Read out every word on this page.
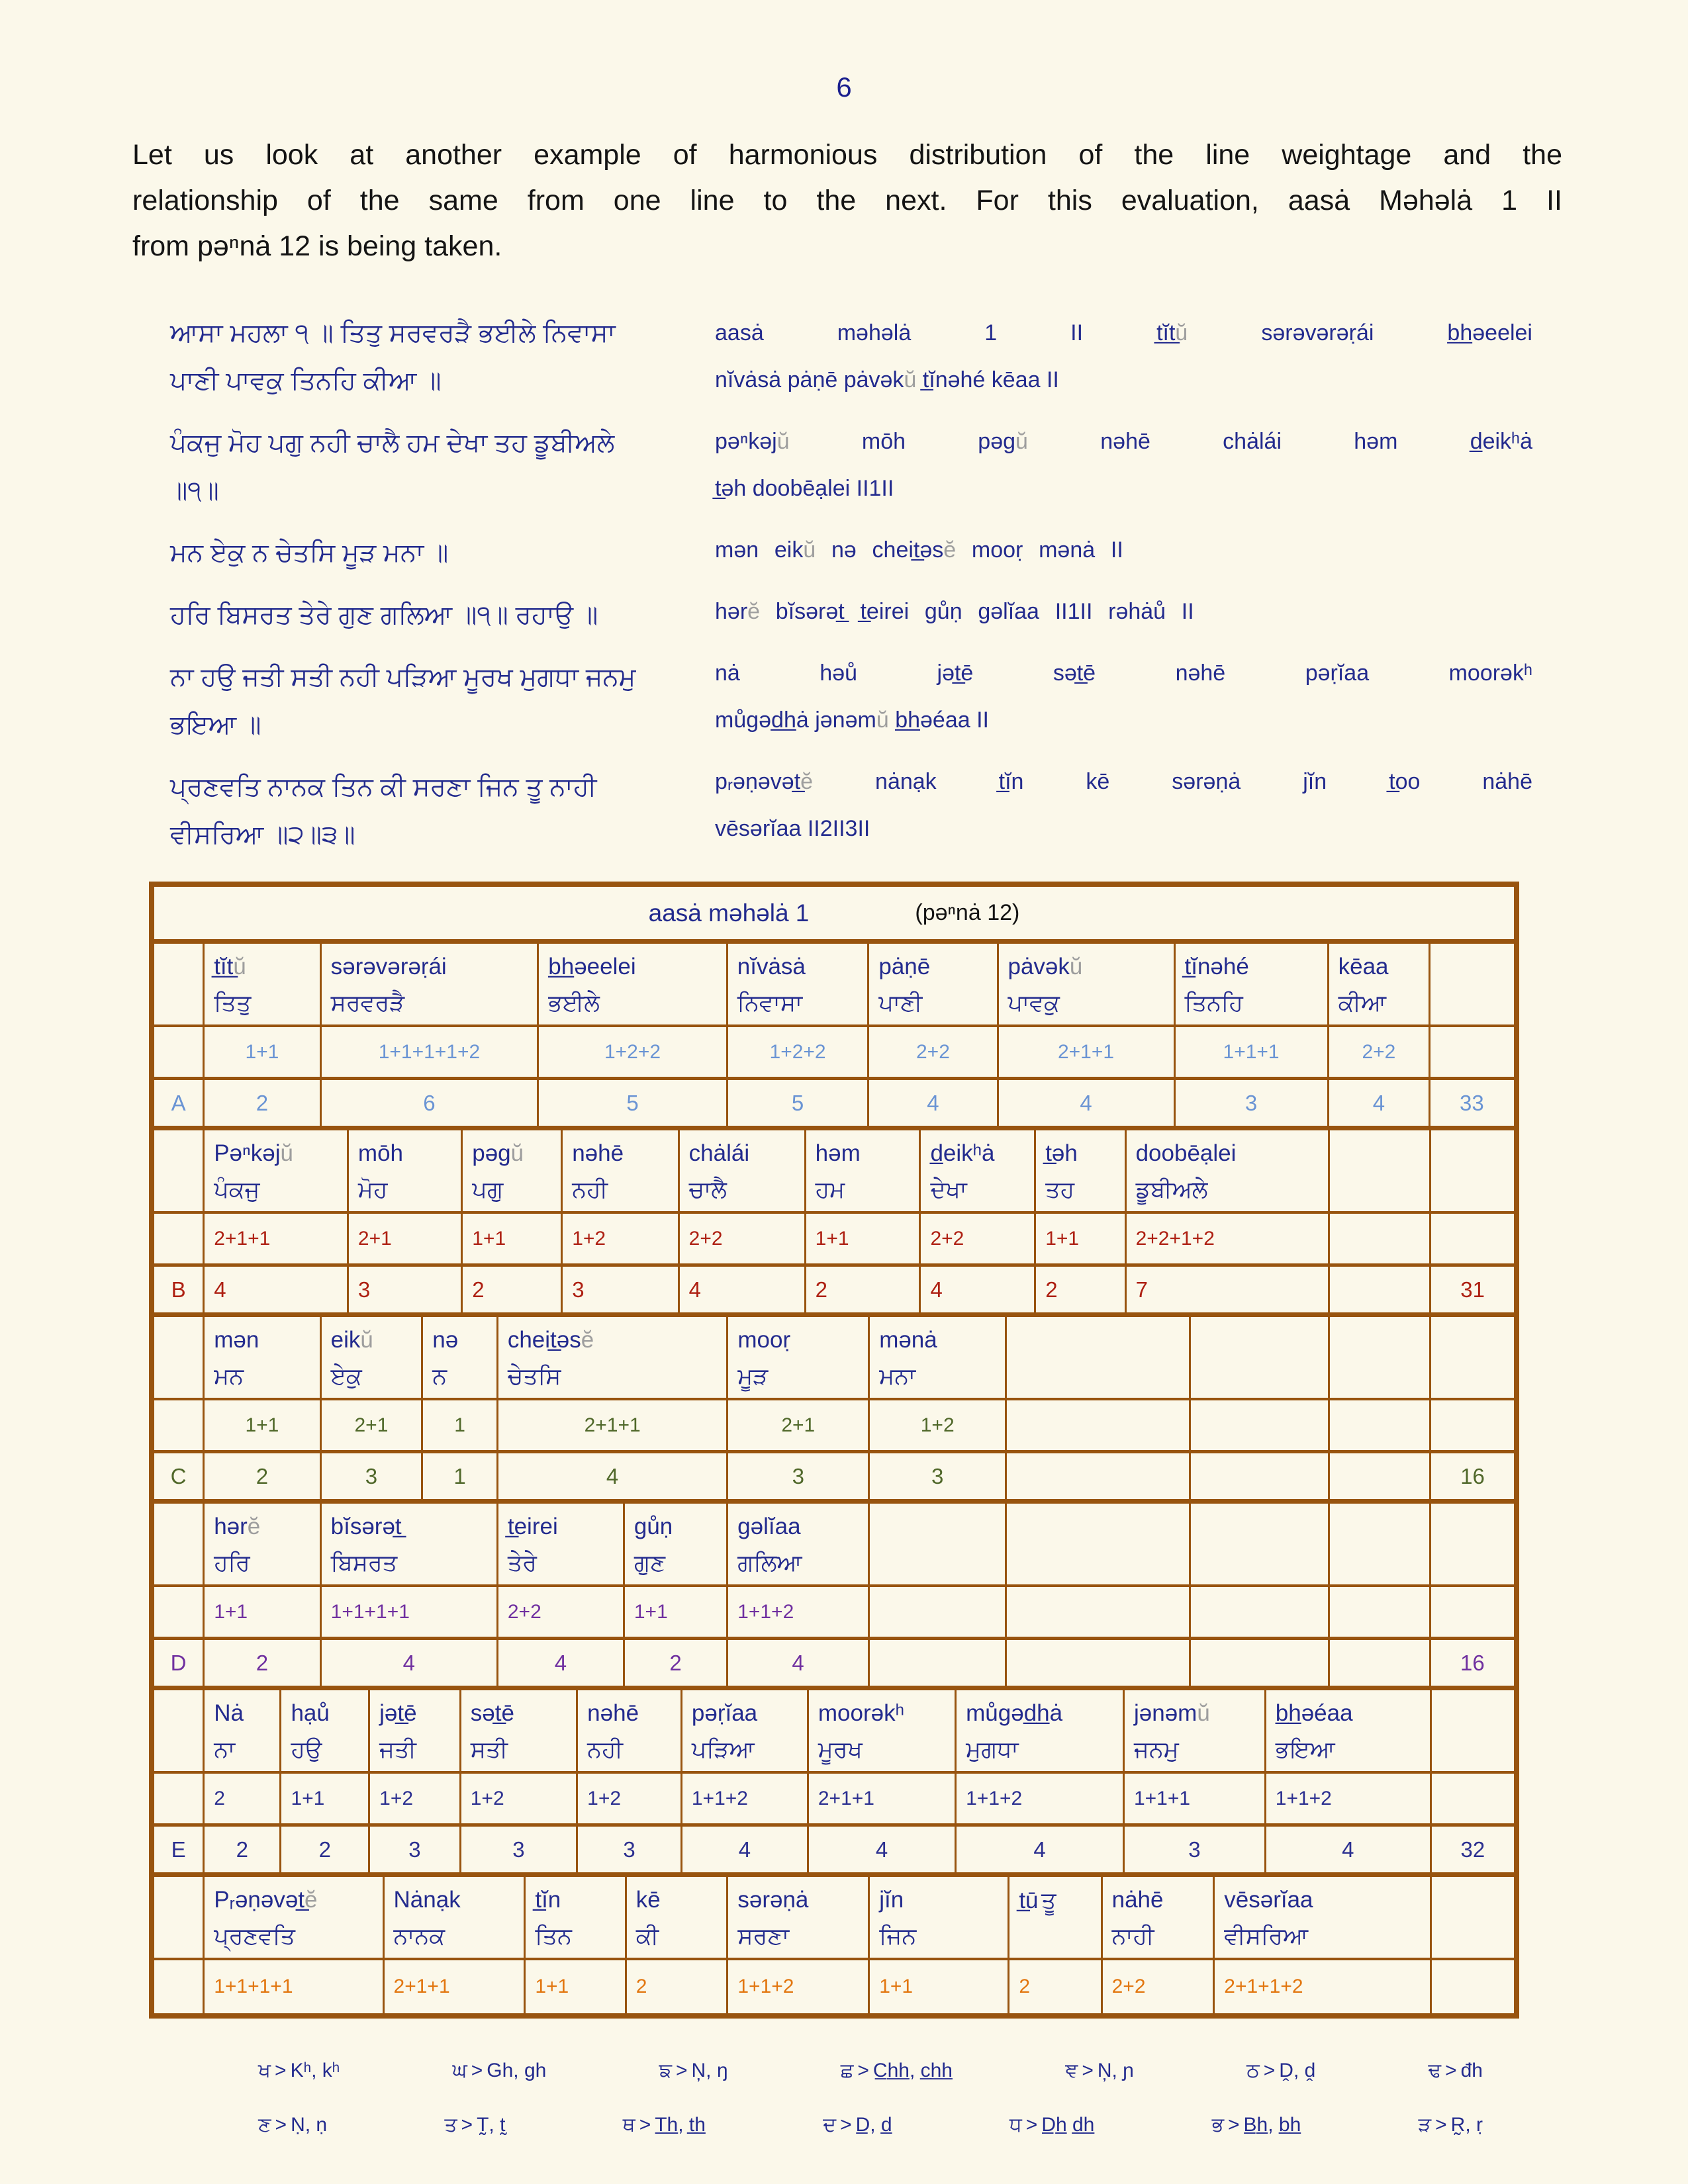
6
Let us look at another example of harmonious distribution of the line weightage and the
relationship of the same from one line to the next. For this evaluation, aasȧ Məhəlȧ 1 II
from pəⁿnȧ 12 is being taken.
ਆਸਾ ਮਹਲਾ ੧ ॥ ਤਿਤੁ ਸਰਵਰੜੈ ਭਈਲੇ ਨਿਵਾਸਾ
ਪਾਣੀ ਪਾਵਕੁ ਤਿਨਹਿ ਕੀਆ ॥
ਪੰਕਜੁ ਮੋਹ ਪਗੁ ਨਹੀ ਚਾਲੈ ਹਮ ਦੇਖਾ ਤਹ ਡੂਬੀਅਲੇ
॥੧॥
ਮਨ ਏਕੁ ਨ ਚੇਤਸਿ ਮੂੜ ਮਨਾ ॥
ਹਰਿ ਬਿਸਰਤ ਤੇਰੇ ਗੁਣ ਗਲਿਆ ॥੧॥ ਰਹਾਉ ॥
ਨਾ ਹਉ ਜਤੀ ਸਤੀ ਨਹੀ ਪੜਿਆ ਮੂਰਖ ਮੁਗਧਾ ਜਨਮੁ
ਭਇਆ ॥
ਪ੍ਰਣਵਤਿ ਨਾਨਕ ਤਿਨ ਕੀ ਸਰਣਾ ਜਿਨ ਤੂ ਨਾਹੀ
ਵੀਸਰਿਆ ॥੨॥੩॥
aasȧ məhəlȧ 1 II t̲ĭt̲ŭ sərəvərəṛái b̲h̲əeelei
nĭvȧsȧ pȧṇē pȧvəkŭ t̲ĭnəhé kēaa II
pəⁿkəjŭ mōh pəgŭ nəhē chȧlái həm d̲eikʰȧ
t̲əh doobēạlei II1II
mən eikŭ nə cheit̲əsĕ mooṛ mənȧ II
hərĕ bĭsərət̲ t̲eirei gůṇ gəlĭaa II1II rəhȧů II
nȧ həů jət̲ē sət̲ē nəhē pəṛĭaa moorəkʰ
můgəd̲h̲ȧ jənəmŭ b̲h̲əéaa II
pᵣəṇəvət̲ĕ nȧnạk t̲ĭn kē sərəṇȧ jĭn t̲oo nȧhē
vēsərĭaa II2II3II
aasȧ məhəlȧ 1	(pəⁿnȧ 12)
t̲ĭt̲ŭ
ਤਿਤੁ
sərəvərəṛái
ਸਰਵਰੜੈ
b̲h̲əeelei
ਭਈਲੇ
nĭvȧsȧ
ਨਿਵਾਸਾ
pȧṇē
ਪਾਣੀ
pȧvəkŭ
ਪਾਵਕੁ
t̲ĭnəhé
ਤਿਨਹਿ
kēaa
ਕੀਆ
1+1	1+1+1+1+2	1+2+2	1+2+2	2+2	2+1+1	1+1+1	2+2
A	2	6	5	5	4	4	3	4	33
Pəⁿkəjŭ
ਪੰਕਜੁ
mōh
ਮੋਹ
pəgŭ
ਪਗੁ
nəhē
ਨਹੀ
chȧlái
ਚਾਲੈ
həm
ਹਮ
d̲eikʰȧ
ਦੇਖਾ
t̲əh
ਤਹ
doobēạlei
ਡੂਬੀਅਲੇ
2+1+1	2+1	1+1	1+2	2+2	1+1	2+2	1+1	2+2+1+2
B	4	3	2	3	4	2	4	2	7	31
mən
ਮਨ
eikŭ
ਏਕੁ
nə
ਨ
cheit̲əsĕ
ਚੇਤਸਿ
mooṛ
ਮੂੜ
mənȧ
ਮਨਾ
1+1	2+1	1	2+1+1	2+1	1+2
C	2	3	1	4	3	3	16
hərĕ
ਹਰਿ
bĭsərət̲
ਬਿਸਰਤ
t̲eirei
ਤੇਰੇ
gůṇ
ਗੁਣ
gəlĭaa
ਗਲਿਆ
1+1	1+1+1+1	2+2	1+1	1+1+2
D	2	4	4	2	4	16
Nȧ
ਨਾ
hạů
ਹਉ
jət̲ē
ਜਤੀ
sət̲ē
ਸਤੀ
nəhē
ਨਹੀ
pəṛĭaa
ਪੜਿਆ
moorəkʰ
ਮੂਰਖ
můgəd̲h̲ȧ
ਮੁਗਧਾ
jənəmŭ
ਜਨਮੁ
b̲h̲əéaa
ਭਇਆ
2	1+1	1+2	1+2	1+2	1+1+2	2+1+1	1+1+2	1+1+1	1+1+2
E	2	2	3	3	3	4	4	4	3	4	32
Pᵣəṇəvət̲ĕ
ਪ੍ਰਣਵਤਿ
Nȧnạk
ਨਾਨਕ
t̲ĭn
ਤਿਨ
kē
ਕੀ
sərəṇȧ
ਸਰਣਾ
jĭn
ਜਿਨ
t̲ū ਤੂ	nȧhē
ਨਾਹੀ
vēsərĭaa
ਵੀਸਰਿਆ
1+1+1+1	2+1+1	1+1	2	1+1+2	1+1	2	2+2	2+1+1+2
ਖ > Kʰ, kʰ	ਘ > Gh, gh	ਙ > N̦, ŋ	ਛ > C̲h̲h̲, c̲h̲h̲	ਞ > N̦, ɲ	ਠ > Ḓ, ḓ	ਢ > đh
ਣ > Ṇ, ṇ	ਤ > T̰, t̰	ਥ > T̲h̲, t̲h̲	ਦ > D̲, d̲	ਧ > D̲h̲ d̲h̲	ਭ > B̲h̲, b̲h̲	ੜ > R̰, ṛ
